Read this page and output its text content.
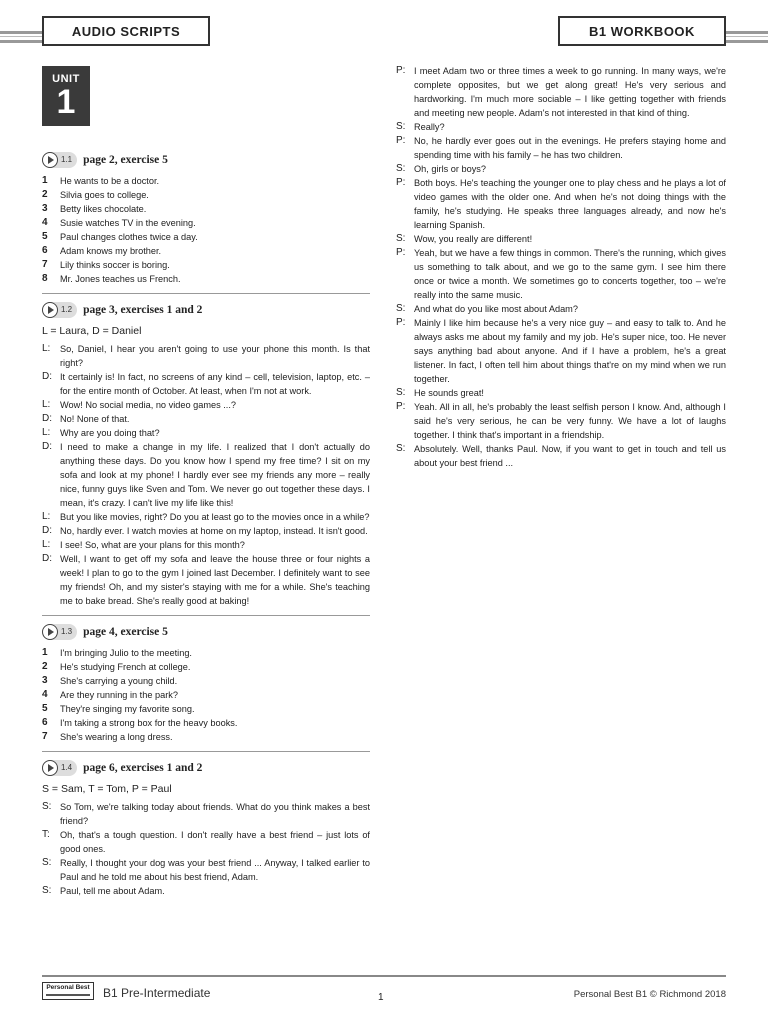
AUDIO SCRIPTS	B1 WORKBOOK
UNIT
1
1.1 page 2, exercise 5
1	He wants to be a doctor.
2	Silvia goes to college.
3	Betty likes chocolate.
4	Susie watches TV in the evening.
5	Paul changes clothes twice a day.
6	Adam knows my brother.
7	Lily thinks soccer is boring.
8	Mr. Jones teaches us French.
1.2 page 3, exercises 1 and 2
L = Laura, D = Daniel
L:	So, Daniel, I hear you aren't going to use your phone this month. Is that right?
D: It certainly is! In fact, no screens of any kind – cell, television, laptop, etc. – for the entire month of October. At least, when I'm not at work.
L:	Wow! No social media, no video games ...?
D: No! None of that.
L:	Why are you doing that?
D: I need to make a change in my life. I realized that I don't actually do anything these days. Do you know how I spend my free time? I sit on my sofa and look at my phone! I hardly ever see my friends any more – really nice, funny guys like Sven and Tom. We never go out together these days. I mean, it's crazy. I can't live my life like this!
L:	But you like movies, right? Do you at least go to the movies once in a while?
D: No, hardly ever. I watch movies at home on my laptop, instead. It isn't good.
L:	I see! So, what are your plans for this month?
D: Well, I want to get off my sofa and leave the house three or four nights a week! I plan to go to the gym I joined last December. I definitely want to see my friends! Oh, and my sister's staying with me for a while. She's teaching me to bake bread. She's really good at baking!
1.3 page 4, exercise 5
1	I'm bringing Julio to the meeting.
2	He's studying French at college.
3	She's carrying a young child.
4	Are they running in the park?
5	They're singing my favorite song.
6	I'm taking a strong box for the heavy books.
7	She's wearing a long dress.
1.4 page 6, exercises 1 and 2
S = Sam, T = Tom, P = Paul
S: So Tom, we're talking today about friends. What do you think makes a best friend?
T:	Oh, that's a tough question. I don't really have a best friend – just lots of good ones.
S: Really, I thought your dog was your best friend ... Anyway, I talked earlier to Paul and he told me about his best friend, Adam.
S: Paul, tell me about Adam.
P: I meet Adam two or three times a week to go running. In many ways, we're complete opposites, but we get along great! He's very serious and hardworking. I'm much more sociable – I like getting together with friends and meeting new people. Adam's not interested in that kind of thing.
S: Really?
P: No, he hardly ever goes out in the evenings. He prefers staying home and spending time with his family – he has two children.
S: Oh, girls or boys?
P: Both boys. He's teaching the younger one to play chess and he plays a lot of video games with the older one. And when he's not doing things with the family, he's studying. He speaks three languages already, and now he's learning Spanish.
S: Wow, you really are different!
P: Yeah, but we have a few things in common. There's the running, which gives us something to talk about, and we go to the same gym. I see him there once or twice a month. We sometimes go to concerts together, too – we're really into the same music.
S: And what do you like most about Adam?
P: Mainly I like him because he's a very nice guy – and easy to talk to. And he always asks me about my family and my job. He's super nice, too. He never says anything bad about anyone. And if I have a problem, he's a great listener. In fact, I often tell him about things that're on my mind when we run together.
S: He sounds great!
P: Yeah. All in all, he's probably the least selfish person I know. And, although I said he's very serious, he can be very funny. We have a lot of laughs together. I think that's important in a friendship.
S: Absolutely. Well, thanks Paul. Now, if you want to get in touch and tell us about your best friend ...
Personal Best	B1 Pre-Intermediate	1	Personal Best B1 © Richmond 2018
